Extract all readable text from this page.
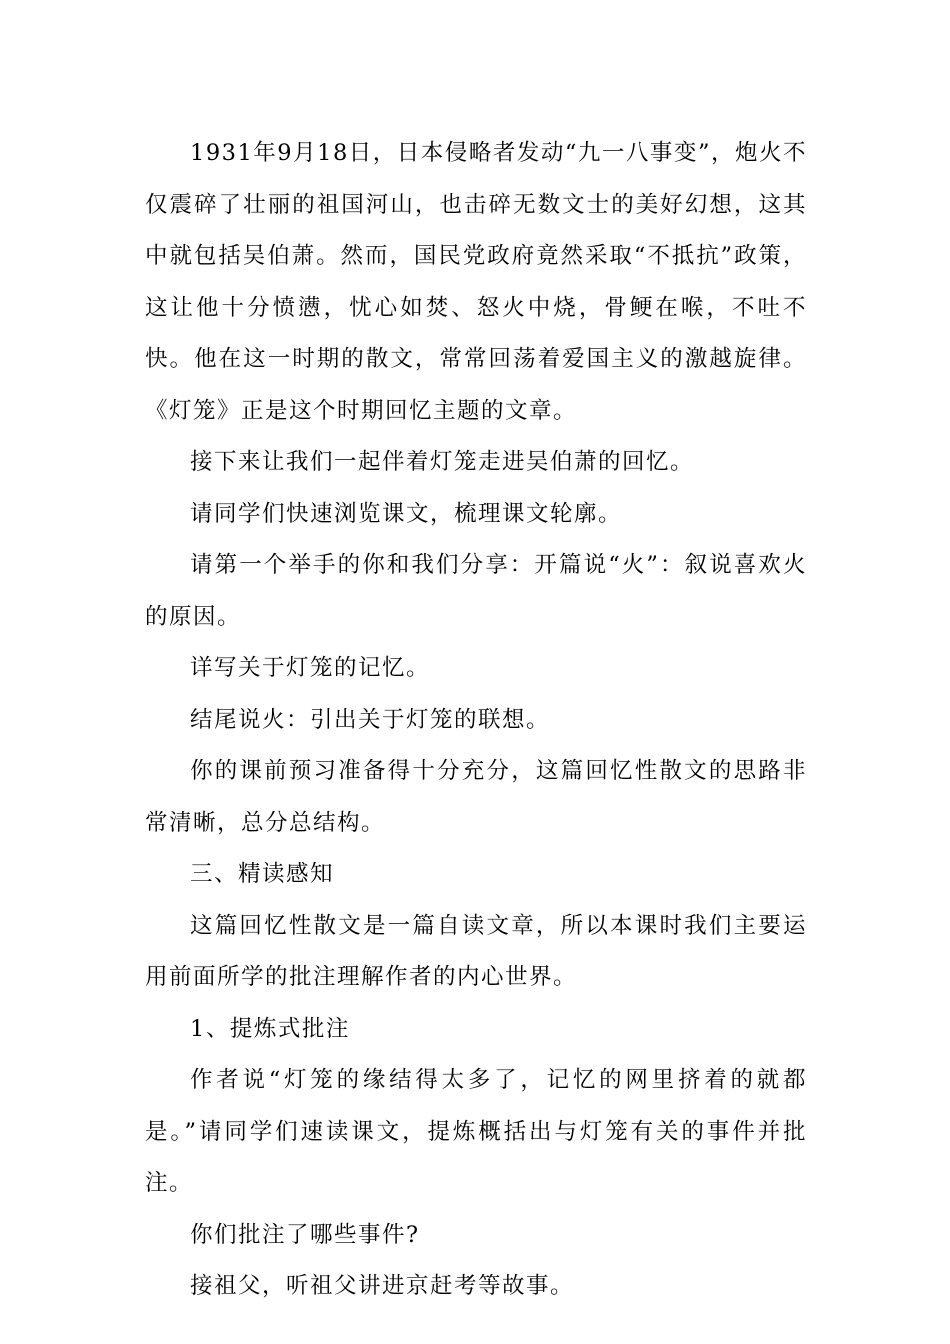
1931年9月18日，日本侵略者发动“九一八事变”，炮火不仅震碎了壮丽的祖国河山，也击碎无数文士的美好幻想，这其中就包括吴伯萧。然而，国民党政府竟然采取“不抵抗”政策，这让他十分愤懑，忧心如焚、怒火中烧，骨鲠在喉，不吐不快。他在这一时期的散文，常常回荡着爱国主义的激越旋律。《灯笼》正是这个时期回忆主题的文章。

接下来让我们一起伴着灯笼走进吴伯萧的回忆。

请同学们快速浏览课文，梳理课文轮廓。

请第一个举手的你和我们分享：开篇说“火”：叙说喜欢火的原因。

详写关于灯笼的记忆。

结尾说火：引出关于灯笼的联想。

你的课前预习准备得十分充分，这篇回忆性散文的思路非常清晰，总分总结构。

三、精读感知

这篇回忆性散文是一篇自读文章，所以本课时我们主要运用前面所学的批注理解作者的内心世界。

1、提炼式批注

作者说“灯笼的缘结得太多了，记忆的网里挤着的就都是。”请同学们速读课文，提炼概括出与灯笼有关的事件并批注。

你们批注了哪些事件?

接祖父，听祖父讲进京赶考等故事。
